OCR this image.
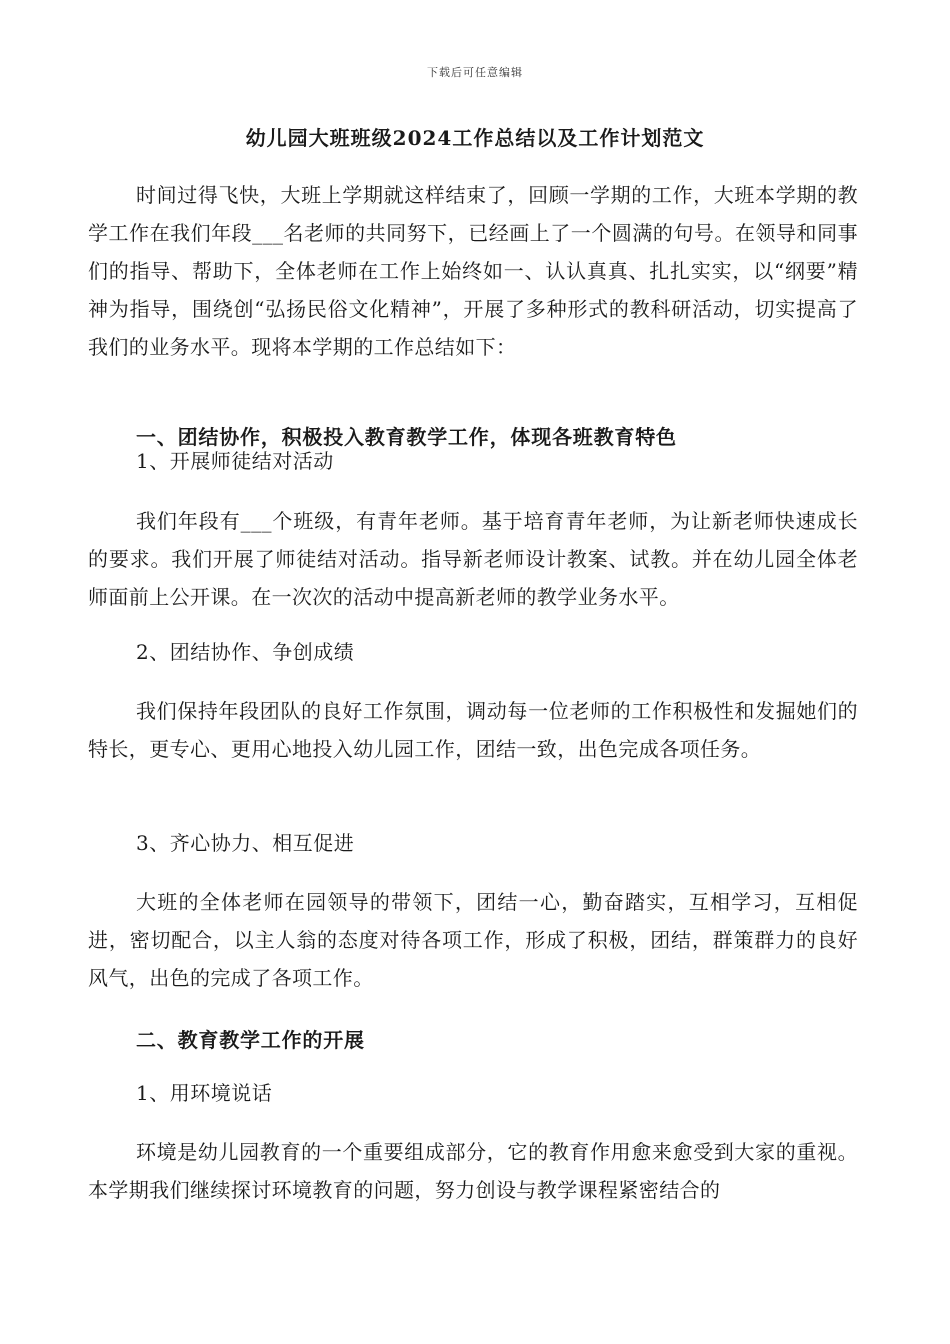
下载后可任意编辑
幼儿园大班班级2024工作总结以及工作计划范文
时间过得飞快，大班上学期就这样结束了，回顾一学期的工作，大班本学期的教学工作在我们年段___名老师的共同努下，已经画上了一个圆满的句号。在领导和同事们的指导、帮助下，全体老师在工作上始终如一、认认真真、扎扎实实，以“纲要”精神为指导，围绕创“弘扬民俗文化精神”，开展了多种形式的教科研活动，切实提高了我们的业务水平。现将本学期的工作总结如下：
一、团结协作，积极投入教育教学工作，体现各班教育特色
1、开展师徒结对活动
我们年段有___个班级，有青年老师。基于培育青年老师，为让新老师快速成长的要求。我们开展了师徒结对活动。指导新老师设计教案、试教。并在幼儿园全体老师面前上公开课。在一次次的活动中提高新老师的教学业务水平。
2、团结协作、争创成绩
我们保持年段团队的良好工作氛围，调动每一位老师的工作积极性和发掘她们的特长，更专心、更用心地投入幼儿园工作，团结一致，出色完成各项任务。
3、齐心协力、相互促进
大班的全体老师在园领导的带领下，团结一心，勤奋踏实，互相学习，互相促进，密切配合，以主人翁的态度对待各项工作，形成了积极，团结，群策群力的良好风气，出色的完成了各项工作。
二、教育教学工作的开展
1、用环境说话
环境是幼儿园教育的一个重要组成部分，它的教育作用愈来愈受到大家的重视。本学期我们继续探讨环境教育的问题，努力创设与教学课程紧密结合的
